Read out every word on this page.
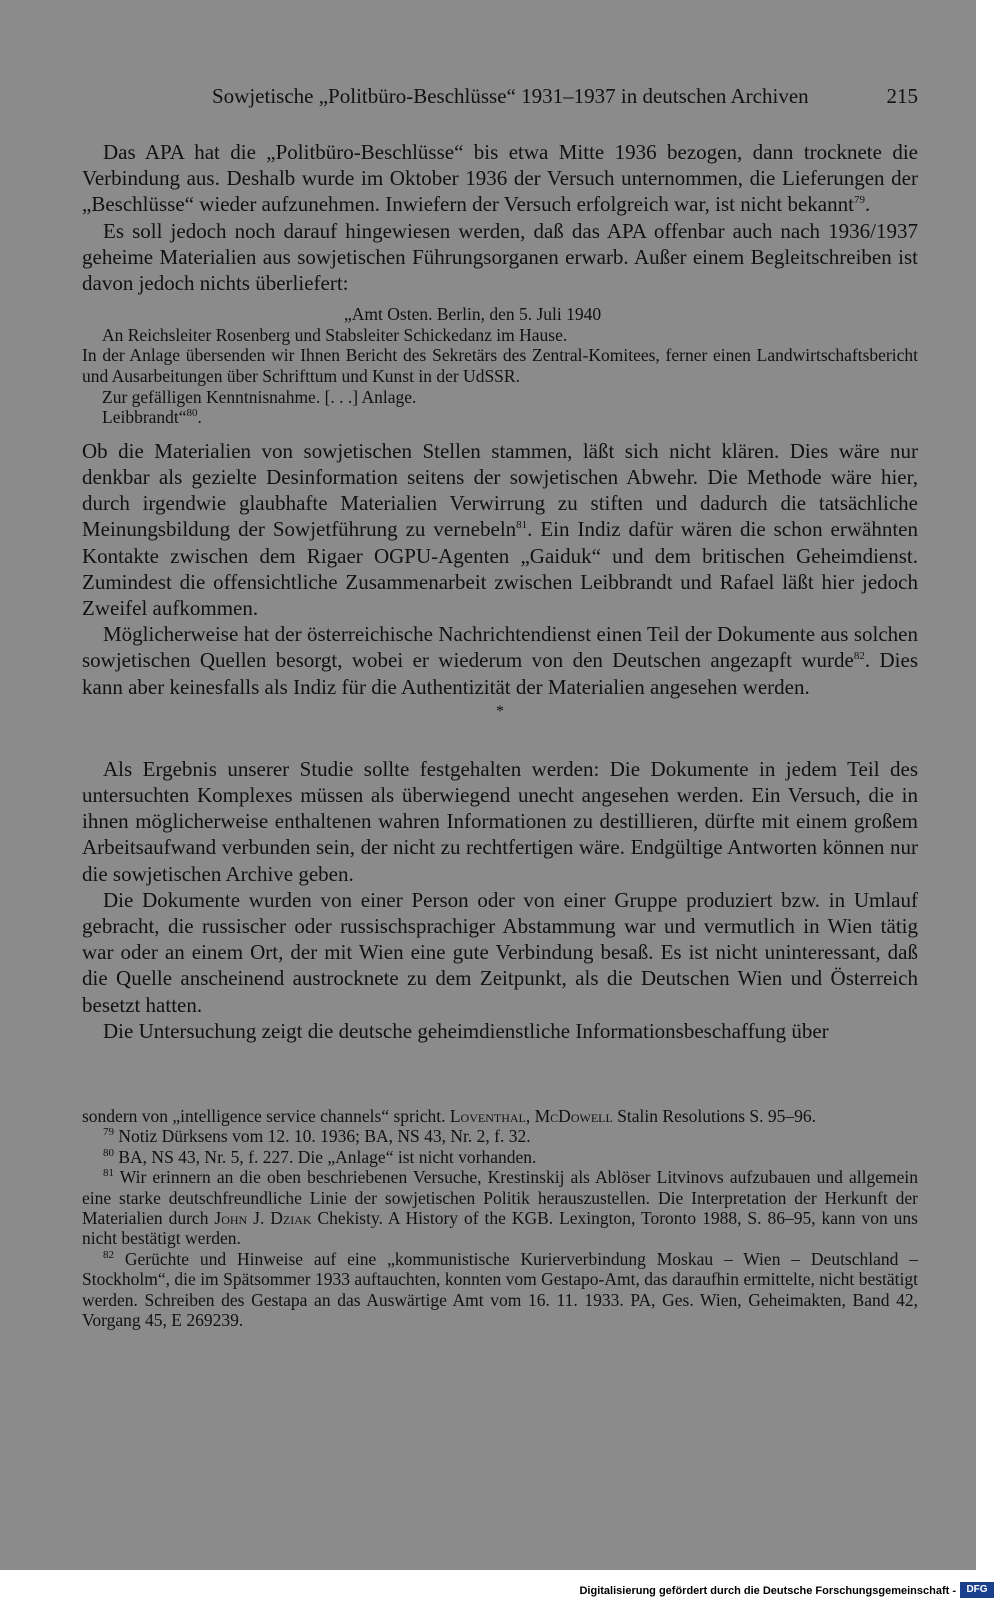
Sowjetische „Politbüro-Beschlüsse“ 1931–1937 in deutschen Archiven	215

Das APA hat die „Politbüro-Beschlüsse“ bis etwa Mitte 1936 bezogen, dann trocknete die Verbindung aus. Deshalb wurde im Oktober 1936 der Versuch unternommen, die Lieferungen der „Beschlüsse“ wieder aufzunehmen. Inwiefern der Versuch erfolgreich war, ist nicht bekannt$^{79}$.

Es soll jedoch noch darauf hingewiesen werden, daß das APA offenbar auch nach 1936/1937 geheime Materialien aus sowjetischen Führungsorganen erwarb. Außer einem Begleitschreiben ist davon jedoch nichts überliefert:

„Amt Osten. Berlin, den 5. Juli 1940

An Reichsleiter Rosenberg und Stabsleiter Schickedanz im Hause.

In der Anlage übersenden wir Ihnen Bericht des Sekretärs des Zentral-Komitees, ferner einen Landwirtschaftsbericht und Ausarbeitungen über Schrifttum und Kunst in der UdSSR.

Zur gefälligen Kenntnisnahme. [. . .] Anlage.

Leibbrandt“$^{80}$.

Ob die Materialien von sowjetischen Stellen stammen, läßt sich nicht klären. Dies wäre nur denkbar als gezielte Desinformation seitens der sowjetischen Abwehr. Die Methode wäre hier, durch irgendwie glaubhafte Materialien Verwirrung zu stiften und dadurch die tatsächliche Meinungsbildung der Sowjetführung zu vernebeln$^{81}$. Ein Indiz dafür wären die schon erwähnten Kontakte zwischen dem Rigaer OGPU-Agenten „Gaiduk“ und dem britischen Geheimdienst. Zumindest die offensichtliche Zusammenarbeit zwischen Leibbrandt und Rafael läßt hier jedoch Zweifel aufkommen.

Möglicherweise hat der österreichische Nachrichtendienst einen Teil der Dokumente aus solchen sowjetischen Quellen besorgt, wobei er wiederum von den Deutschen angezapft wurde$^{82}$. Dies kann aber keinesfalls als Indiz für die Authentizität der Materialien angesehen werden.

*

Als Ergebnis unserer Studie sollte festgehalten werden: Die Dokumente in jedem Teil des untersuchten Komplexes müssen als überwiegend unecht angesehen werden. Ein Versuch, die in ihnen möglicherweise enthaltenen wahren Informationen zu destillieren, dürfte mit einem großem Arbeitsaufwand verbunden sein, der nicht zu rechtfertigen wäre. Endgültige Antworten können nur die sowjetischen Archive geben.

Die Dokumente wurden von einer Person oder von einer Gruppe produziert bzw. in Umlauf gebracht, die russischer oder russischsprachiger Abstammung war und vermutlich in Wien tätig war oder an einem Ort, der mit Wien eine gute Verbindung besaß. Es ist nicht uninteressant, daß die Quelle anscheinend austrocknete zu dem Zeitpunkt, als die Deutschen Wien und Österreich besetzt hatten.

Die Untersuchung zeigt die deutsche geheimdienstliche Informationsbeschaffung über

sondern von „intelligence service channels“ spricht. Loventhal, McDowell Stalin Resolutions S. 95–96.

$^{79}$ Notiz Dürksens vom 12. 10. 1936; BA, NS 43, Nr. 2, f. 32.

$^{80}$ BA, NS 43, Nr. 5, f. 227. Die „Anlage“ ist nicht vorhanden.

$^{81}$ Wir erinnern an die oben beschriebenen Versuche, Krestinskij als Ablöser Litvinovs aufzubauen und allgemein eine starke deutschfreundliche Linie der sowjetischen Politik herauszustellen. Die Interpretation der Herkunft der Materialien durch John J. Dziak Chekisty. A History of the KGB. Lexington, Toronto 1988, S. 86–95, kann von uns nicht bestätigt werden.

$^{82}$ Gerüchte und Hinweise auf eine „kommunistische Kurierverbindung Moskau – Wien – Deutschland – Stockholm“, die im Spätsommer 1933 auftauchten, konnten vom Gestapo-Amt, das daraufhin ermittelte, nicht bestätigt werden. Schreiben des Gestapa an das Auswärtige Amt vom 16. 11. 1933. PA, Ges. Wien, Geheimakten, Band 42, Vorgang 45, E 269239.

Digitalisierung gefördert durch die Deutsche Forschungsgemeinschaft -	DFG
